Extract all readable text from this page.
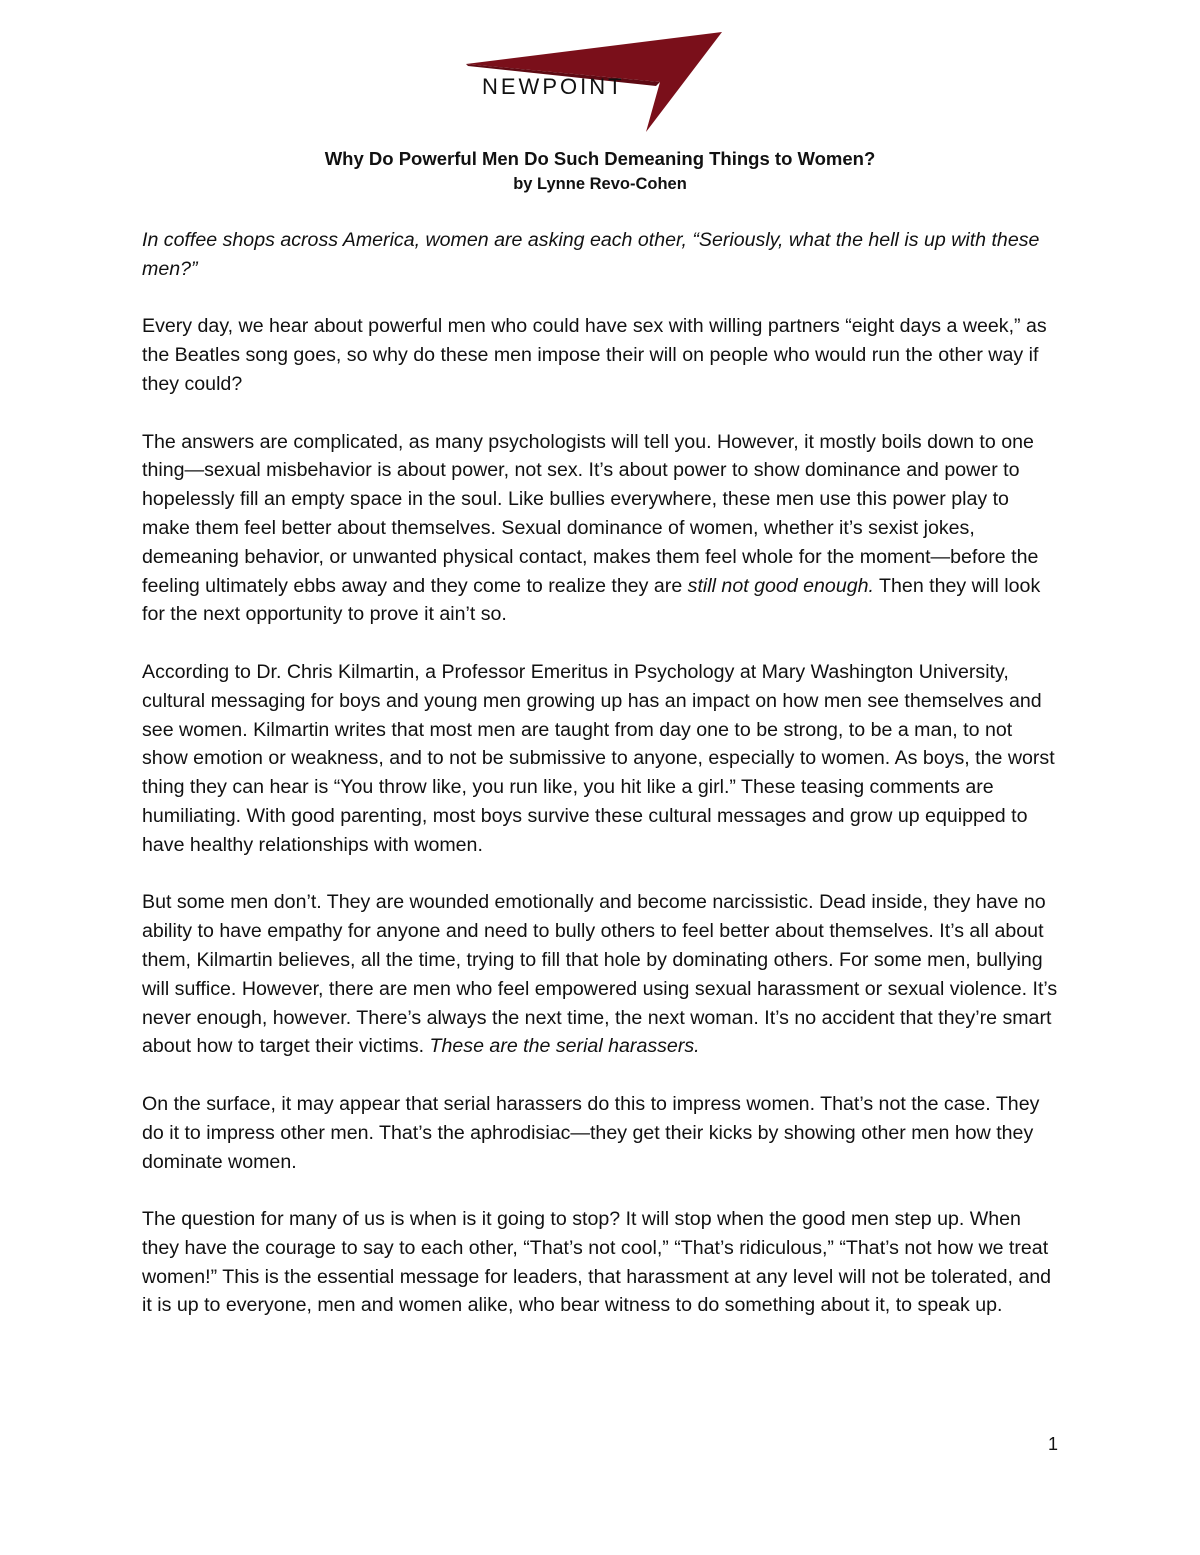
NEWPOINT
Why Do Powerful Men Do Such Demeaning Things to Women?
by Lynne Revo-Cohen

In coffee shops across America, women are asking each other, “Seriously, what the hell is up with these men?”

Every day, we hear about powerful men who could have sex with willing partners “eight days a week,” as the Beatles song goes, so why do these men impose their will on people who would run the other way if they could?

The answers are complicated, as many psychologists will tell you. However, it mostly boils down to one thing—sexual misbehavior is about power, not sex. It’s about power to show dominance and power to hopelessly fill an empty space in the soul. Like bullies everywhere, these men use this power play to make them feel better about themselves. Sexual dominance of women, whether it’s sexist jokes, demeaning behavior, or unwanted physical contact, makes them feel whole for the moment—before the feeling ultimately ebbs away and they come to realize they are still not good enough. Then they will look for the next opportunity to prove it ain’t so.

According to Dr. Chris Kilmartin, a Professor Emeritus in Psychology at Mary Washington University, cultural messaging for boys and young men growing up has an impact on how men see themselves and see women. Kilmartin writes that most men are taught from day one to be strong, to be a man, to not show emotion or weakness, and to not be submissive to anyone, especially to women. As boys, the worst thing they can hear is “You throw like, you run like, you hit like a girl.” These teasing comments are humiliating. With good parenting, most boys survive these cultural messages and grow up equipped to have healthy relationships with women.

But some men don’t. They are wounded emotionally and become narcissistic. Dead inside, they have no ability to have empathy for anyone and need to bully others to feel better about themselves. It’s all about them, Kilmartin believes, all the time, trying to fill that hole by dominating others. For some men, bullying will suffice. However, there are men who feel empowered using sexual harassment or sexual violence. It’s never enough, however. There’s always the next time, the next woman. It’s no accident that they’re smart about how to target their victims. These are the serial harassers.

On the surface, it may appear that serial harassers do this to impress women. That’s not the case. They do it to impress other men. That’s the aphrodisiac—they get their kicks by showing other men how they dominate women.

The question for many of us is when is it going to stop? It will stop when the good men step up. When they have the courage to say to each other, “That’s not cool,” “That’s ridiculous,” “That’s not how we treat women!” This is the essential message for leaders, that harassment at any level will not be tolerated, and it is up to everyone, men and women alike, who bear witness to do something about it, to speak up.

1
